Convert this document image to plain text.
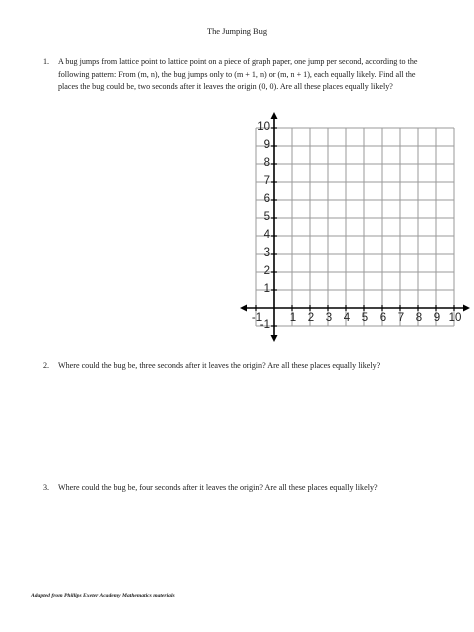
The Jumping Bug
1. A bug jumps from lattice point to lattice point on a piece of graph paper, one jump per second, according to the following pattern: From (m, n), the bug jumps only to (m + 1, n) or (m, n + 1), each equally likely. Find all the places the bug could be, two seconds after it leaves the origin (0, 0). Are all these places equally likely?
-1 1 2 3 4 5 6 7 8 9 10
-1
1
2
3
4
5
6
7
8
9
10
2. Where could the bug be, three seconds after it leaves the origin? Are all these places equally likely?
3. Where could the bug be, four seconds after it leaves the origin? Are all these places equally likely?
Adapted from Phillips Exeter Academy Mathematics materials
